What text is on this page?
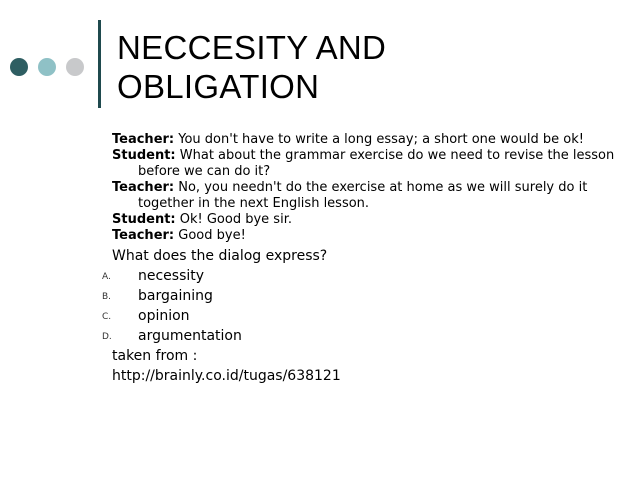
NECCESITY AND
OBLIGATION
Teacher: You don't have to write a long essay; a short one would be ok!
Student: What about the grammar exercise do we need to revise the lesson before we can do it?
Teacher: No, you needn't do the exercise at home as we will surely do it together in the next English lesson.
Student: Ok! Good bye sir.
Teacher: Good bye!
What does the dialog express?
A. necessity
B. bargaining
C. opinion
D. argumentation
taken from :
http://brainly.co.id/tugas/638121
